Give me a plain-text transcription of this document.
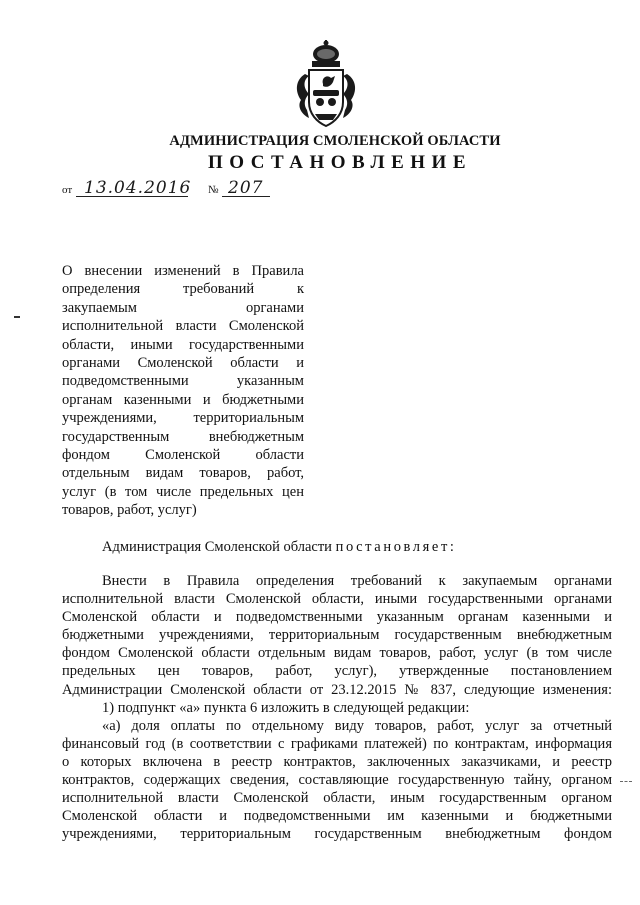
АДМИНИСТРАЦИЯ СМОЛЕНСКОЙ ОБЛАСТИ
ПОСТАНОВЛЕНИЕ
от 13.04.2016 № 207
О внесении изменений в Правила
определения требований к
закупаемым органами
исполнительной власти Смоленской
области, иными государственными
органами Смоленской области и
подведомственными указанным
органам казенными и бюджетными
учреждениями, территориальным
государственным внебюджетным
фондом Смоленской области
отдельным видам товаров, работ,
услуг (в том числе предельных цен
товаров, работ, услуг)
Администрация Смоленской области постановляет:
Внести в Правила определения требований к закупаемым органами
исполнительной власти Смоленской области, иными государственными органами
Смоленской области и подведомственными указанным органам казенными и
бюджетными учреждениями, территориальным государственным внебюджетным
фондом Смоленской области отдельным видам товаров, работ, услуг (в том числе
предельных цен товаров, работ, услуг), утвержденные постановлением
Администрации Смоленской области от 23.12.2015 № 837, следующие изменения:
1) подпункт «а» пункта 6 изложить в следующей редакции:
«а) доля оплаты по отдельному виду товаров, работ, услуг за отчетный
финансовый год (в соответствии с графиками платежей) по контрактам, информация
о которых включена в реестр контрактов, заключенных заказчиками, и реестр
контрактов, содержащих сведения, составляющие государственную тайну, органом
исполнительной власти Смоленской области, иным государственным органом
Смоленской области и подведомственными им казенными и бюджетными
учреждениями, территориальным государственным внебюджетным фондом
